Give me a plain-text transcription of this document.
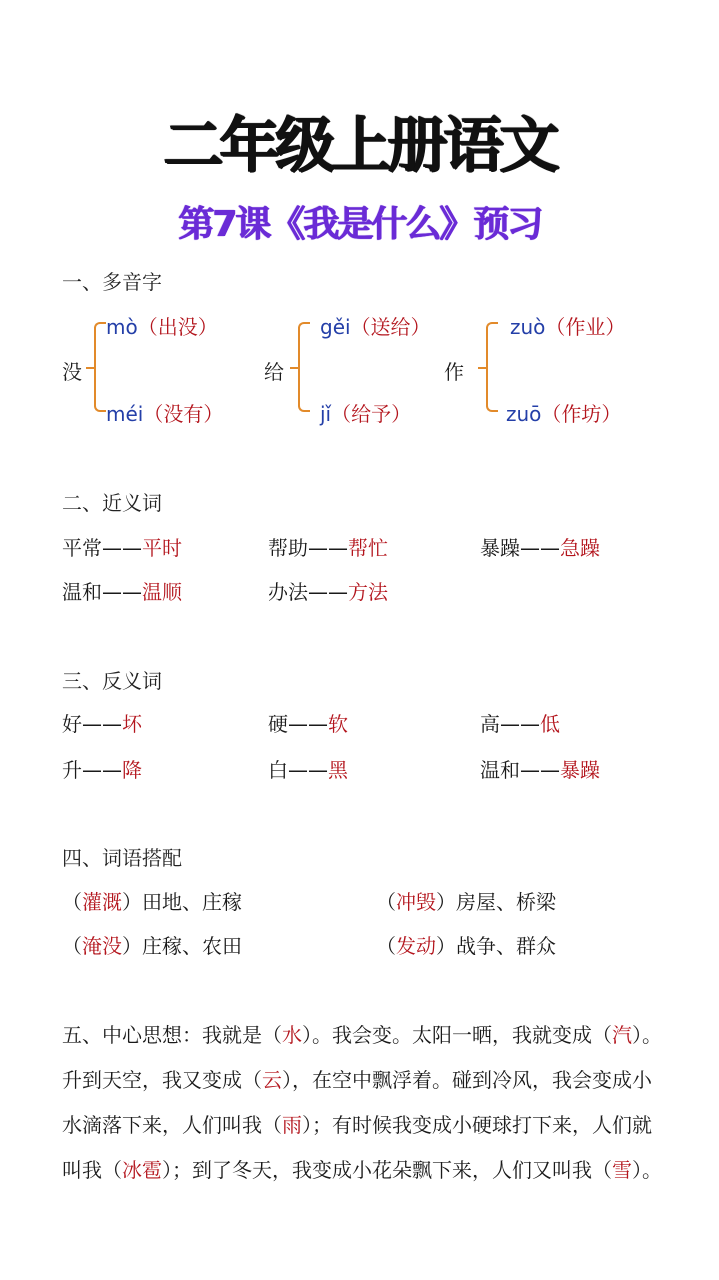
二年级上册语文
第7课《我是什么》预习
一、多音字
没
mò（出没）
méi（没有）
给
gěi（送给）
jǐ（给予）
作
zuò（作业）
zuō（作坊）
二、近义词
平常——平时	帮助——帮忙	暴躁——急躁
温和——温顺	办法——方法
三、反义词
好——坏	硬——软	高——低
升——降	白——黑	温和——暴躁
四、词语搭配
（灌溉）田地、庄稼	（冲毁）房屋、桥梁
（淹没）庄稼、农田	（发动）战争、群众
五、中心思想：我就是（水）。我会变。太阳一晒，我就变成（汽）。升到天空，我又变成（云），在空中飘浮着。碰到冷风，我会变成小水滴落下来，人们叫我（雨）；有时候我变成小硬球打下来，人们就叫我（冰雹）；到了冬天，我变成小花朵飘下来，人们又叫我（雪）。
